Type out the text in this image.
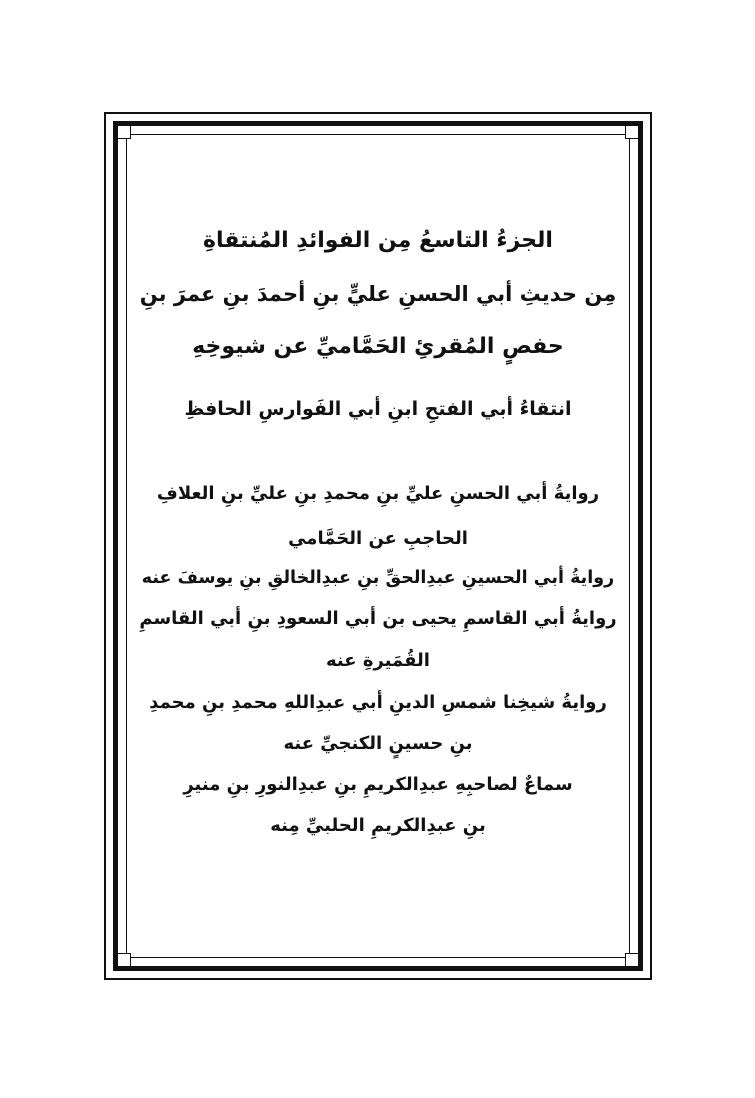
الجزءُ التاسعُ مِن الفوائدِ المُنتقاةِ
مِن حديثِ أبي الحسنِ عليٍّ بنِ أحمدَ بنِ عمرَ بنِ
حفصٍ المُقرئِ الحَمَّاميِّ عن شيوخِهِ
انتقاءُ أبي الفتحِ ابنِ أبي الفَوارسِ الحافظِ
روايةُ أبي الحسنِ عليِّ بنِ محمدِ بنِ عليِّ بنِ العلافِ
الحاجبِ عن الحَمَّامي
روايةُ أبي الحسينِ عبدِالحقِّ بنِ عبدِالخالقِ بنِ يوسفَ عنه
روايةُ أبي القاسمِ يحيى بن أبي السعودِ بنِ أبي القاسمِ
القُمَيرةِ عنه
روايةُ شيخِنا شمسِ الدينِ أبي عبدِاللهِ محمدِ بنِ محمدِ
بنِ حسينٍ الكنجيِّ عنه
سماعٌ لصاحبِهِ عبدِالكريمِ بنِ عبدِالنورِ بنِ منيرِ
بنِ عبدِالكريمِ الحلبيِّ مِنه
